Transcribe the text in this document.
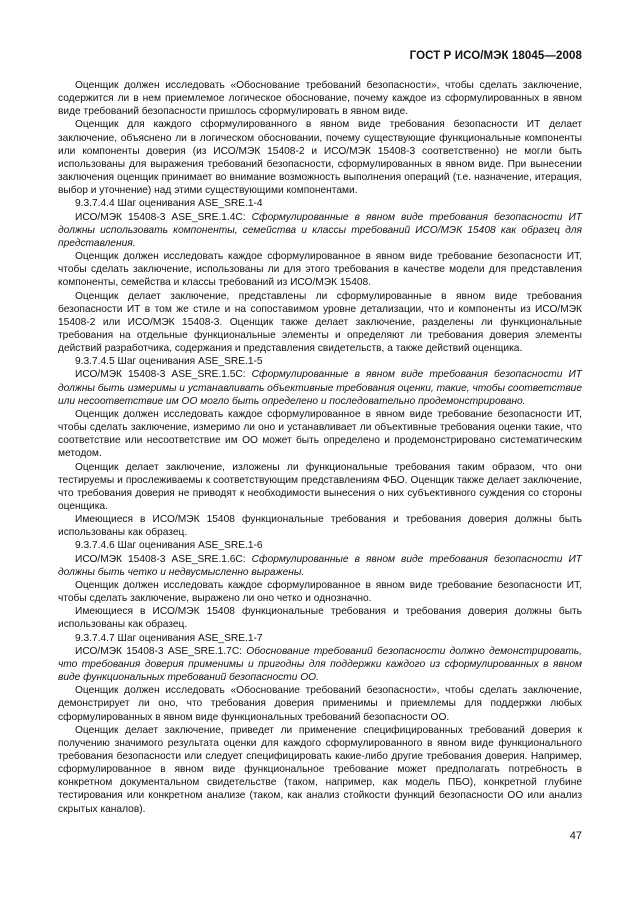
ГОСТ Р ИСО/МЭК 18045—2008

Оценщик должен исследовать «Обоснование требований безопасности», чтобы сделать заключение, содержится ли в нем приемлемое логическое обоснование, почему каждое из сформулированных в явном виде требований безопасности пришлось сформулировать в явном виде.

Оценщик для каждого сформулированного в явном виде требования безопасности ИТ делает заключение, объяснено ли в логическом обосновании, почему существующие функциональные компоненты или компоненты доверия (из ИСО/МЭК 15408-2 и ИСО/МЭК 15408-3 соответственно) не могли быть использованы для выражения требований безопасности, сформулированных в явном виде. При вынесении заключения оценщик принимает во внимание возможность выполнения операций (т.е. назначение, итерация, выбор и уточнение) над этими существующими компонентами.

9.3.7.4.4 Шаг оценивания ASE_SRE.1-4

ИСО/МЭК 15408-3 ASE_SRE.1.4C: Сформулированные в явном виде требования безопасности ИТ должны использовать компоненты, семейства и классы требований ИСО/МЭК 15408 как образец для представления.

Оценщик должен исследовать каждое сформулированное в явном виде требование безопасности ИТ, чтобы сделать заключение, использованы ли для этого требования в качестве модели для представления компоненты, семейства и классы требований из ИСО/МЭК 15408.

Оценщик делает заключение, представлены ли сформулированные в явном виде требования безопасности ИТ в том же стиле и на сопоставимом уровне детализации, что и компоненты из ИСО/МЭК 15408-2 или ИСО/МЭК 15408-3. Оценщик также делает заключение, разделены ли функциональные требования на отдельные функциональные элементы и определяют ли требования доверия элементы действий разработчика, содержания и представления свидетельств, а также действий оценщика.

9.3.7.4.5 Шаг оценивания ASE_SRE.1-5

ИСО/МЭК 15408-3 ASE_SRE.1.5C: Сформулированные в явном виде требования безопасности ИТ должны быть измеримы и устанавливать объективные требования оценки, такие, чтобы соответствие или несоответствие им ОО могло быть определено и последовательно продемонстрировано.

Оценщик должен исследовать каждое сформулированное в явном виде требование безопасности ИТ, чтобы сделать заключение, измеримо ли оно и устанавливает ли объективные требования оценки такие, что соответствие или несоответствие им ОО может быть определено и продемонстрировано систематическим методом.

Оценщик делает заключение, изложены ли функциональные требования таким образом, что они тестируемы и прослеживаемы к соответствующим представлениям ФБО. Оценщик также делает заключение, что требования доверия не приводят к необходимости вынесения о них субъективного суждения со стороны оценщика.

Имеющиеся в ИСО/МЭК 15408 функциональные требования и требования доверия должны быть использованы как образец.

9.3.7.4.6 Шаг оценивания ASE_SRE.1-6

ИСО/МЭК 15408-3 ASE_SRE.1.6C: Сформулированные в явном виде требования безопасности ИТ должны быть четко и недвусмысленно выражены.

Оценщик должен исследовать каждое сформулированное в явном виде требование безопасности ИТ, чтобы сделать заключение, выражено ли оно четко и однозначно.

Имеющиеся в ИСО/МЭК 15408 функциональные требования и требования доверия должны быть использованы как образец.

9.3.7.4.7 Шаг оценивания ASE_SRE.1-7

ИСО/МЭК 15408-3 ASE_SRE.1.7C: Обоснование требований безопасности должно демонстрировать, что требования доверия применимы и пригодны для поддержки каждого из сформулированных в явном виде функциональных требований безопасности ОО.

Оценщик должен исследовать «Обоснование требований безопасности», чтобы сделать заключение, демонстрирует ли оно, что требования доверия применимы и приемлемы для поддержки любых сформулированных в явном виде функциональных требований безопасности ОО.

Оценщик делает заключение, приведет ли применение специфицированных требований доверия к получению значимого результата оценки для каждого сформулированного в явном виде функционального требования безопасности или следует специфицировать какие-либо другие требования доверия. Например, сформулированное в явном виде функциональное требование может предполагать потребность в конкретном документальном свидетельстве (таком, например, как модель ПБО), конкретной глубине тестирования или конкретном анализе (таком, как анализ стойкости функций безопасности ОО или анализ скрытых каналов).

47
